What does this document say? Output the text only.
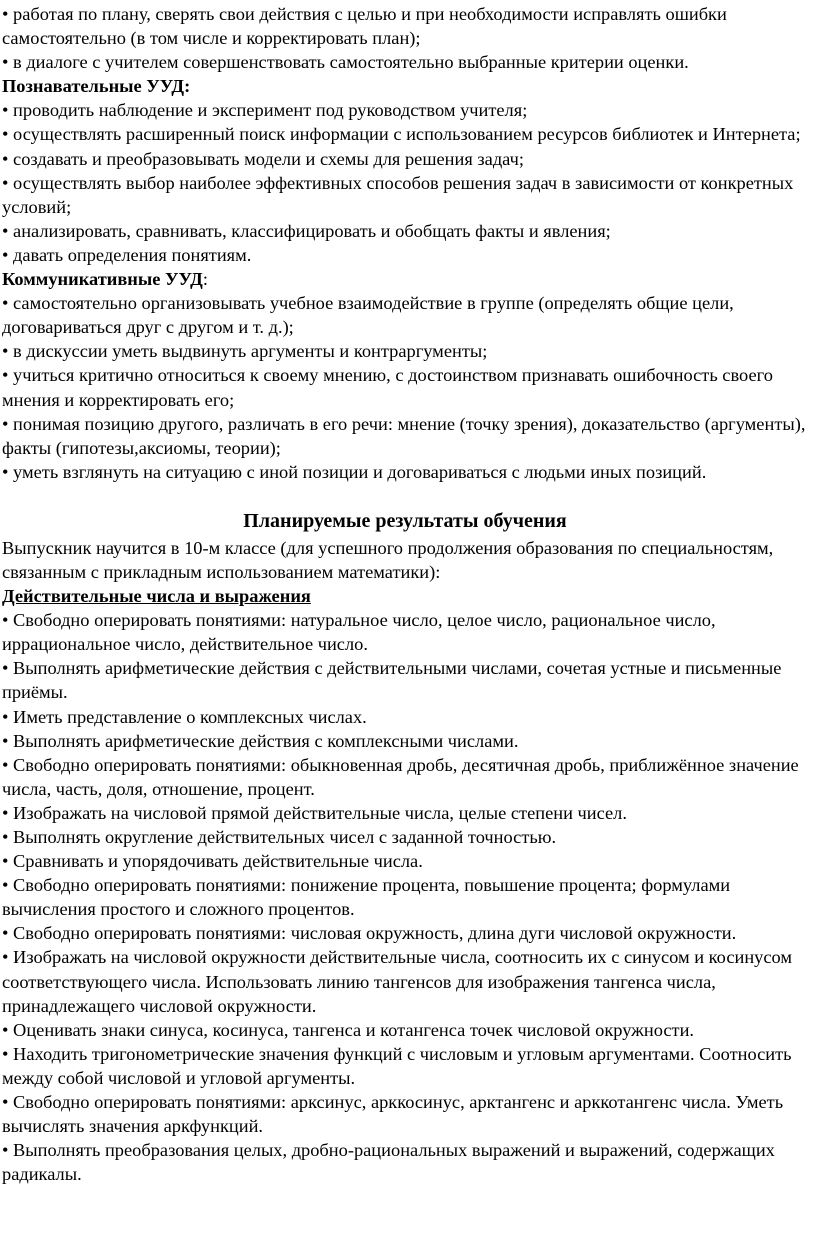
• работая по плану, сверять свои действия с целью и при необходимости исправлять ошибки самостоятельно (в том числе и корректировать план);

• в диалоге с учителем совершенствовать самостоятельно выбранные критерии оценки.

Познавательные УУД:

• проводить наблюдение и эксперимент под руководством учителя;

• осуществлять расширенный поиск информации с использованием ресурсов библиотек и Интернета;

• создавать и преобразовывать модели и схемы для решения задач;

• осуществлять выбор наиболее эффективных способов решения задач в зависимости от конкретных условий;

• анализировать, сравнивать, классифицировать и обобщать факты и явления;

• давать определения понятиям.

Коммуникативные УУД:

• самостоятельно организовывать учебное взаимодействие в группе (определять общие цели, договариваться друг с другом и т. д.);

• в дискуссии уметь выдвинуть аргументы и контраргументы;

• учиться критично относиться к своему мнению, с достоинством признавать ошибочность своего мнения и корректировать его;

• понимая позицию другого, различать в его речи: мнение (точку зрения), доказательство (аргументы), факты (гипотезы,аксиомы, теории);

• уметь взглянуть на ситуацию с иной позиции и договариваться с людьми иных позиций.

Планируемые результаты обучения

Выпускник научится в 10-м классе (для успешного продолжения образования по специальностям, связанным с прикладным использованием математики):

Действительные числа и выражения

• Свободно оперировать понятиями: натуральное число, целое число, рациональное число, иррациональное число, действительное число.

• Выполнять арифметические действия с действительными числами, сочетая устные и письменные приёмы.

• Иметь представление о комплексных числах.

• Выполнять арифметические действия с комплексными числами.

• Свободно оперировать понятиями: обыкновенная дробь, десятичная дробь, приближённое значение числа, часть, доля, отношение, процент.

• Изображать на числовой прямой действительные числа, целые степени чисел.

• Выполнять округление действительных чисел с заданной точностью.

• Сравнивать и упорядочивать действительные числа.

• Свободно оперировать понятиями: понижение процента, повышение процента; формулами вычисления простого и сложного процентов.

• Свободно оперировать понятиями: числовая окружность, длина дуги числовой окружности.

• Изображать на числовой окружности действительные числа, соотносить их с синусом и косинусом соответствующего числа. Использовать линию тангенсов для изображения тангенса числа, принадлежащего числовой окружности.

• Оценивать знаки синуса, косинуса, тангенса и котангенса точек числовой окружности.

• Находить тригонометрические значения функций с числовым и угловым аргументами. Соотносить между собой числовой и угловой аргументы.

• Свободно оперировать понятиями: арксинус, арккосинус, арктангенс и арккотангенс числа. Уметь вычислять значения аркфункций.

• Выполнять преобразования целых, дробно-рациональных выражений и выражений, содержащих радикалы.
